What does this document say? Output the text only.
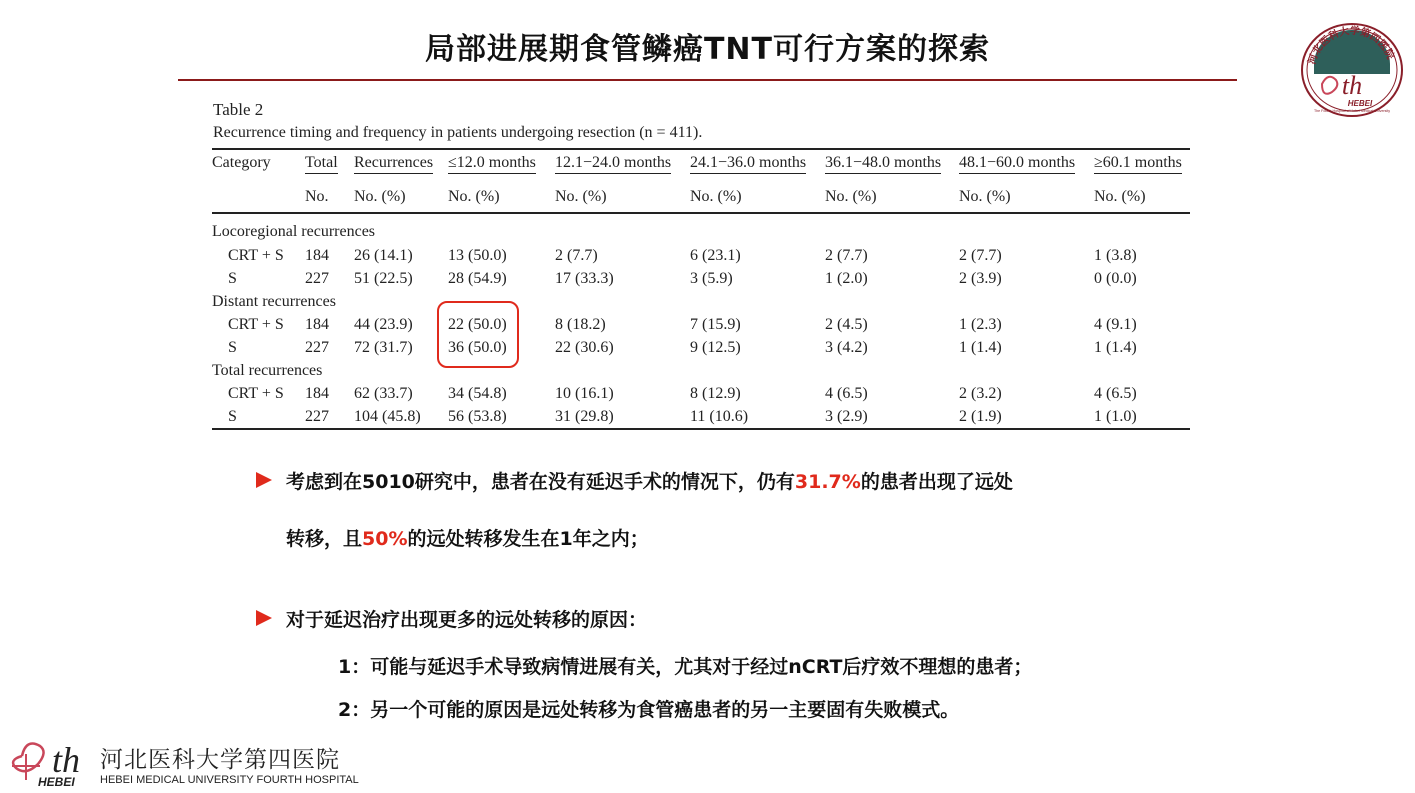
局部进展期食管鳞癌TNT可行方案的探索	河北医科大学第四医院
th
HEBEI
The Fourth Hospital of Hebei Medical University
Table 2
Recurrence timing and frequency in patients undergoing resection (n = 411).
Category	Total	Recurrences	≤12.0 months	12.1−24.0 months	24.1−36.0 months	36.1−48.0 months	48.1−60.0 months	≥60.1 months
	No.	No. (%)	No. (%)	No. (%)	No. (%)	No. (%)	No. (%)	No. (%)
Locoregional recurrences								
CRT + S	184	26 (14.1)	13 (50.0)	2 (7.7)	6 (23.1)	2 (7.7)	2 (7.7)	1 (3.8)
S	227	51 (22.5)	28 (54.9)	17 (33.3)	3 (5.9)	1 (2.0)	2 (3.9)	0 (0.0)
Distant recurrences								
CRT + S	184	44 (23.9)	22 (50.0)	8 (18.2)	7 (15.9)	2 (4.5)	1 (2.3)	4 (9.1)
S	227	72 (31.7)	36 (50.0)	22 (30.6)	9 (12.5)	3 (4.2)	1 (1.4)	1 (1.4)
Total recurrences								
CRT + S	184	62 (33.7)	34 (54.8)	10 (16.1)	8 (12.9)	4 (6.5)	2 (3.2)	4 (6.5)
S	227	104 (45.8)	56 (53.8)	31 (29.8)	11 (10.6)	3 (2.9)	2 (1.9)	1 (1.0)
考虑到在5010研究中，患者在没有延迟手术的情况下，仍有31.7%的患者出现了远处
转移，且50%的远处转移发生在1年之内；
对于延迟治疗出现更多的远处转移的原因：
1：可能与延迟手术导致病情进展有关，尤其对于经过nCRT后疗效不理想的患者；
2：另一个可能的原因是远处转移为食管癌患者的另一主要固有失败模式。
th
HEBEI
河北医科大学第四医院
HEBEI MEDICAL UNIVERSITY FOURTH HOSPITAL
